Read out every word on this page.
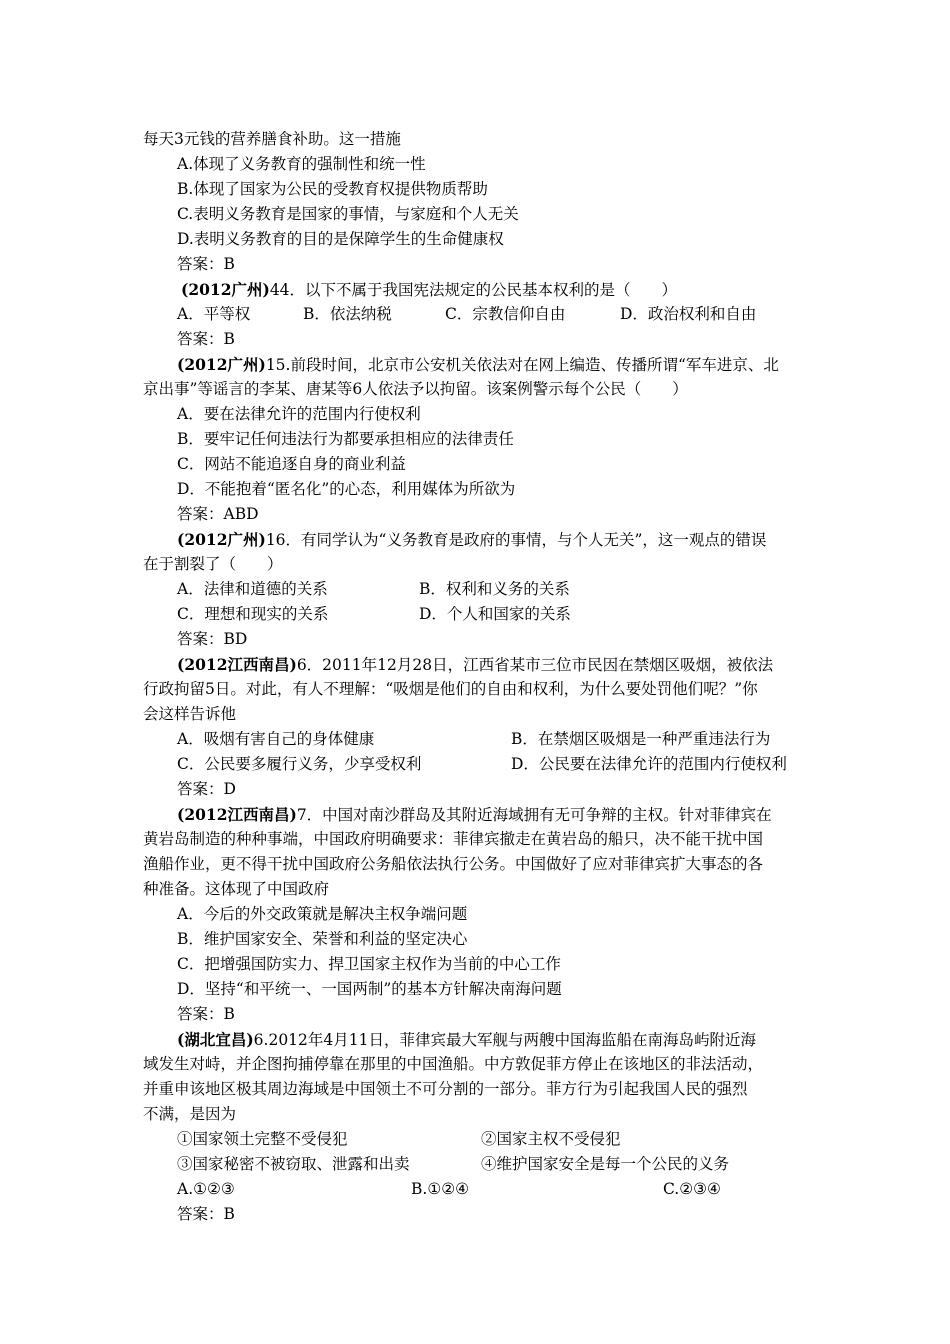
每天3元钱的营养膳食补助。这一措施
A.体现了义务教育的强制性和统一性
B.体现了国家为公民的受教育权提供物质帮助
C.表明义务教育是国家的事情，与家庭和个人无关
D.表明义务教育的目的是保障学生的生命健康权
答案：B
(2012广州)44．以下不属于我国宪法规定的公民基本权利的是（　　）
A．平等权	B．依法纳税	C．宗教信仰自由	D．政治权利和自由
答案：B
(2012广州)15.前段时间，北京市公安机关依法对在网上编造、传播所谓“军车进京、北
京出事”等谣言的李某、唐某等6人依法予以拘留。该案例警示每个公民（　　）
A．要在法律允许的范围内行使权利
B．要牢记任何违法行为都要承担相应的法律责任
C．网站不能追逐自身的商业利益
D．不能抱着“匿名化”的心态，利用媒体为所欲为
答案：ABD
(2012广州)16．有同学认为“义务教育是政府的事情，与个人无关”，这一观点的错误
在于割裂了（　　）
A．法律和道德的关系	B．权利和义务的关系
C．理想和现实的关系	D．个人和国家的关系
答案：BD
(2012江西南昌)6．2011年12月28日，江西省某市三位市民因在禁烟区吸烟，被依法
行政拘留5日。对此，有人不理解：“吸烟是他们的自由和权利，为什么要处罚他们呢？”你
会这样告诉他
A．吸烟有害自己的身体健康	B．在禁烟区吸烟是一种严重违法行为
C．公民要多履行义务，少享受权利	D．公民要在法律允许的范围内行使权利
答案：D
(2012江西南昌)7．中国对南沙群岛及其附近海域拥有无可争辩的主权。针对菲律宾在
黄岩岛制造的种种事端，中国政府明确要求：菲律宾撤走在黄岩岛的船只，决不能干扰中国
渔船作业，更不得干扰中国政府公务船依法执行公务。中国做好了应对菲律宾扩大事态的各
种准备。这体现了中国政府
A．今后的外交政策就是解决主权争端问题
B．维护国家安全、荣誉和利益的坚定决心
C．把增强国防实力、捍卫国家主权作为当前的中心工作
D．坚持“和平统一、一国两制”的基本方针解决南海问题
答案：B
(湖北宜昌)6.2012年4月11日，菲律宾最大军舰与两艘中国海监船在南海岛屿附近海
域发生对峙，并企图拘捕停靠在那里的中国渔船。中方敦促菲方停止在该地区的非法活动，
并重申该地区极其周边海域是中国领土不可分割的一部分。菲方行为引起我国人民的强烈
不满，是因为
①国家领土完整不受侵犯	②国家主权不受侵犯
③国家秘密不被窃取、泄露和出卖	④维护国家安全是每一个公民的义务
A.①②③	B.①②④	C.②③④
答案：B
